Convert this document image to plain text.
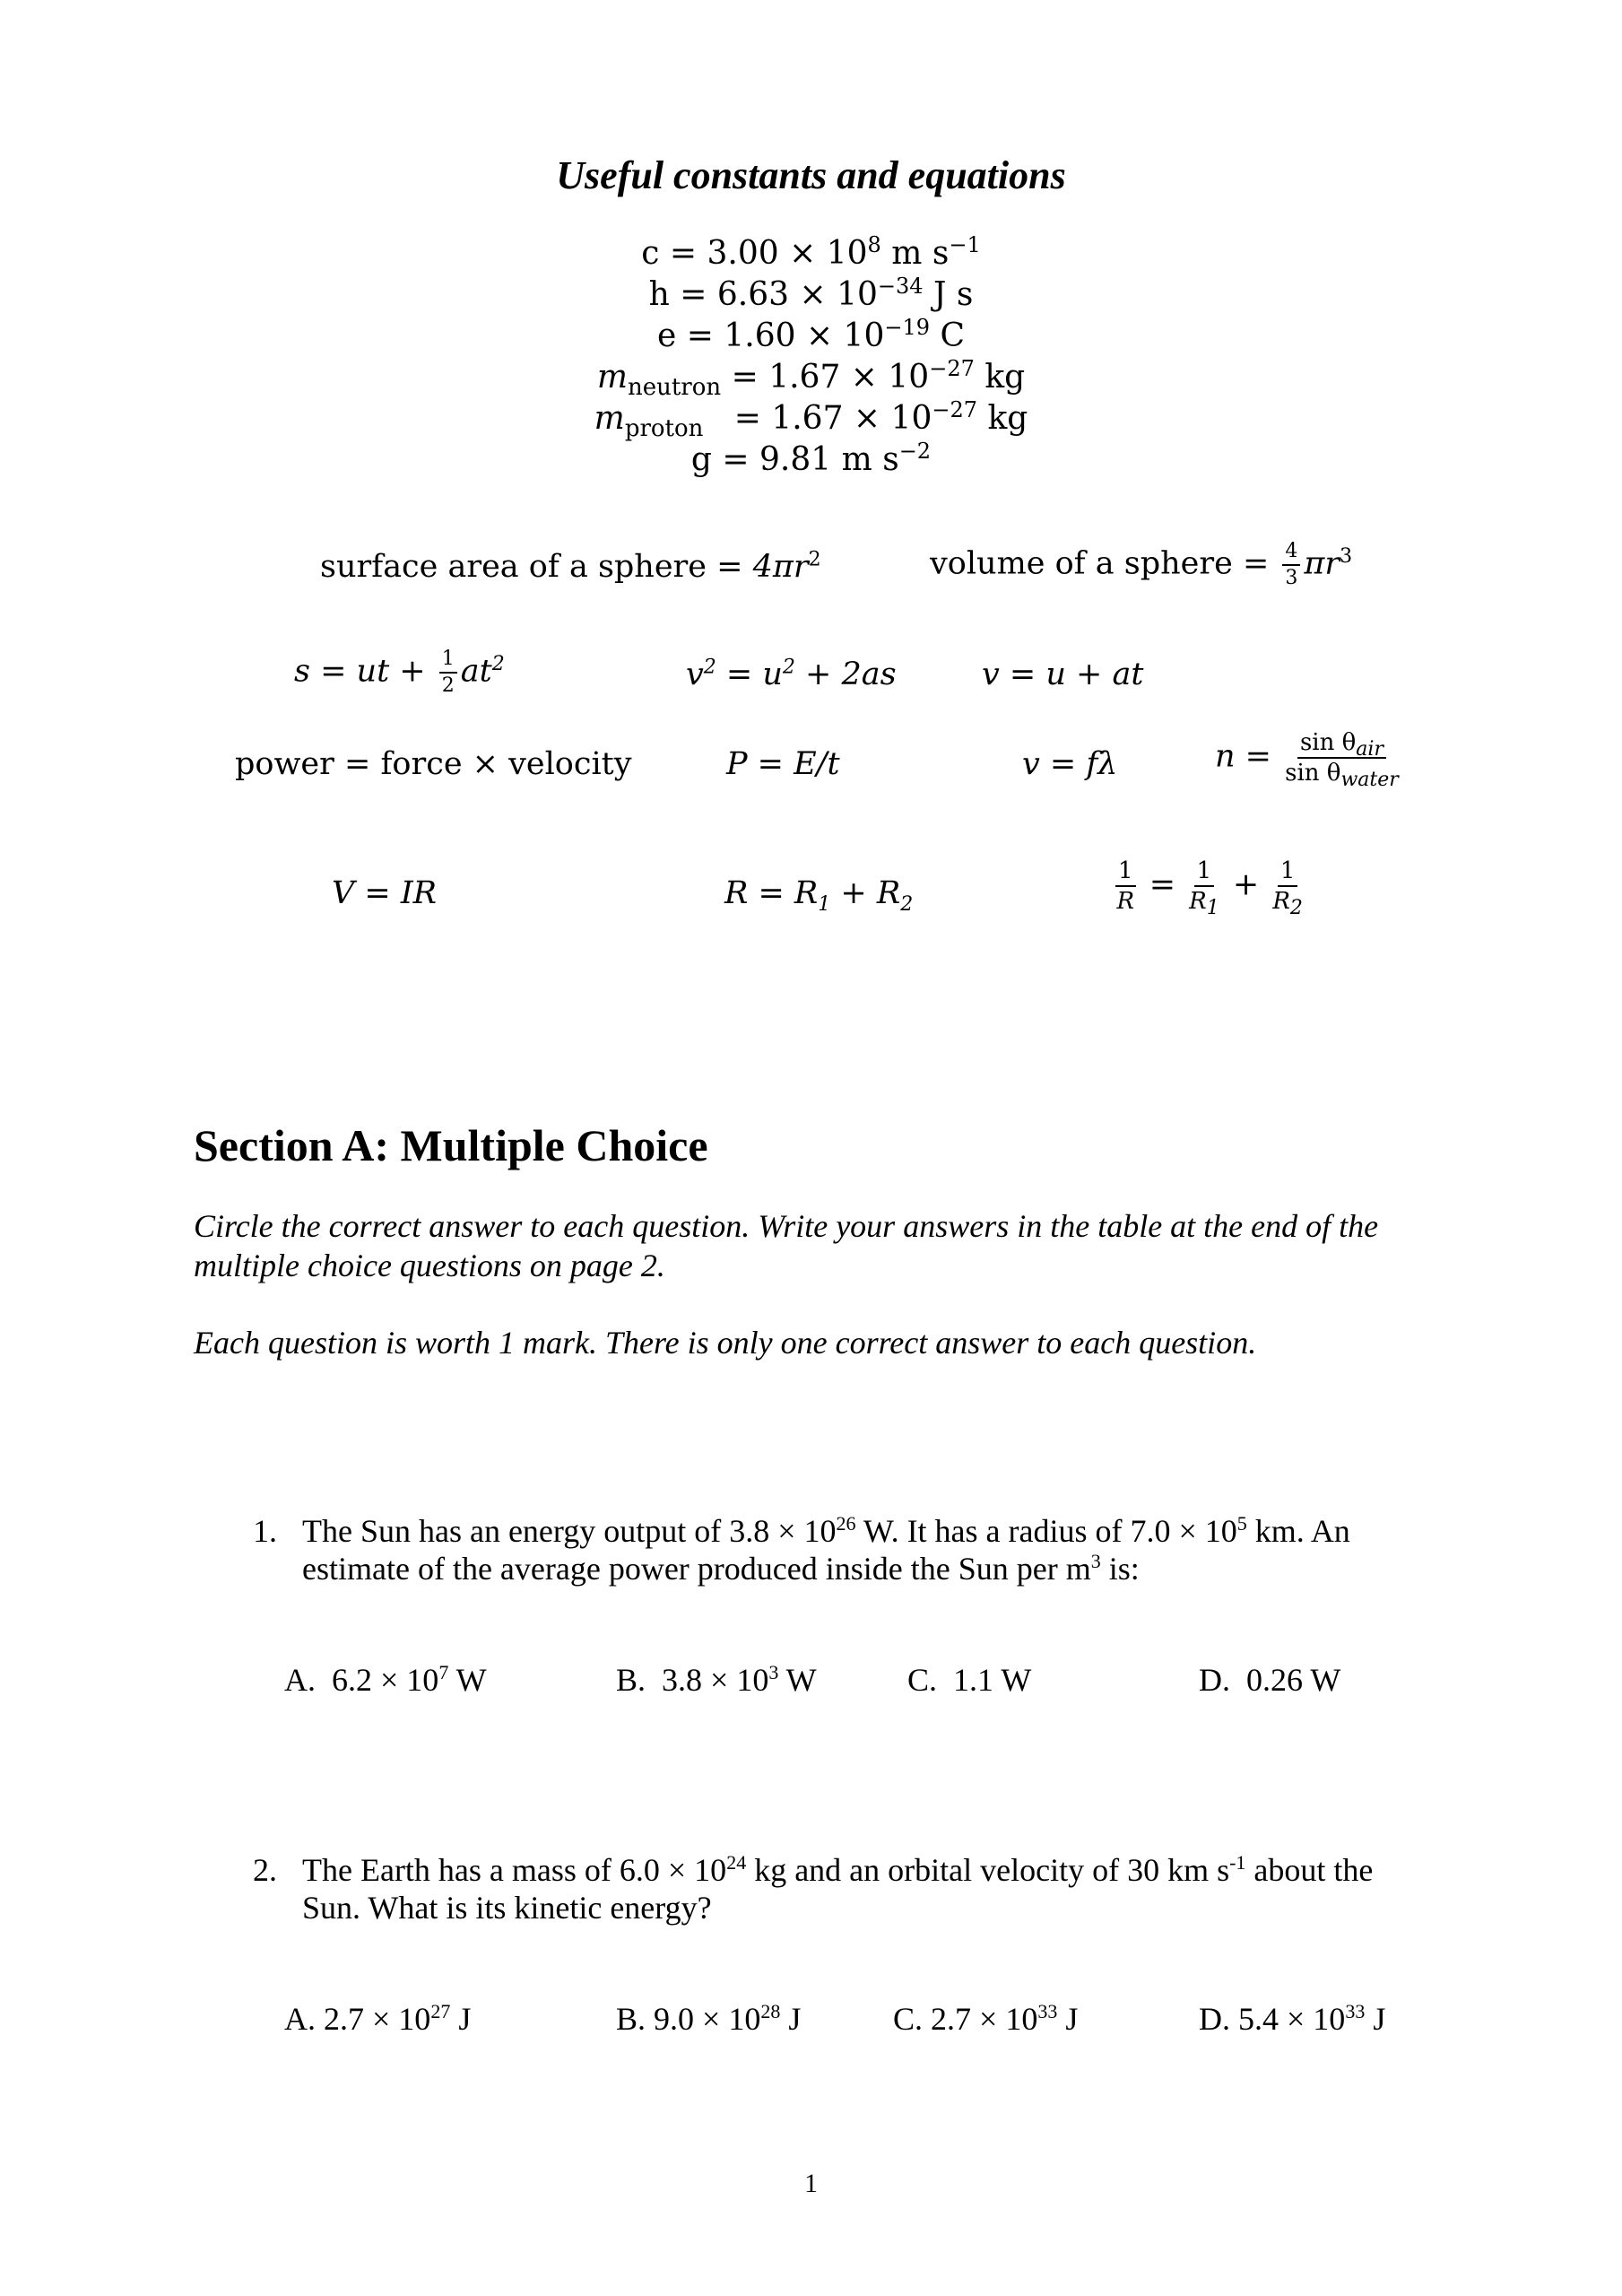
Useful constants and equations
$c = 3.00 \times 10^8$ m $s^{-1}$
$h = 6.63 \times 10^{-34}$ J s
$e = 1.60 \times 10^{-19}$ C
$m_{neutron} = 1.67 \times 10^{-27}$ kg
$m_{proton} = 1.67 \times 10^{-27}$ kg
g = 9.81 m $s^{-2}$
surface area of a sphere = $4\pi r^2$	volume of a sphere = $\frac{4}{3} \pi r^3$
s = ut + $\frac{1}{2} at^2$	$v^2 = u^2 + 2as$	v = u + at
power = force × velocity	P = E/t	v = fλ	$n = \frac{\sin \theta_{air}}{\sin \theta_{water}}$
V = IR	$R = R_1 + R_2$	$\frac{1}{R} = \frac{1}{R_1} + \frac{1}{R_2}$
Section A: Multiple Choice
Circle the correct answer to each question. Write your answers in the table at the end of the
multiple choice questions on page 2.
Each question is worth 1 mark. There is only one correct answer to each question.
1. The Sun has an energy output of $3.8 \times 10^{26}$ W. It has a radius of $7.0 \times 10^5$ km. An
estimate of the average power produced inside the Sun per $m^3$ is:
A. $6.2 \times 10^7$ W	B. $3.8 \times 10^3$ W	C. 1.1 W	D. 0.26 W
2. The Earth has a mass of $6.0 \times 10^{24}$ kg and an orbital velocity of 30 km $s^{-1}$ about the
Sun. What is its kinetic energy?
A. $2.7 \times 10^{27}$ J	B. $9.0 \times 10^{28}$ J	C. $2.7 \times 10^{33}$ J	D. $5.4 \times 10^{33}$ J
1
